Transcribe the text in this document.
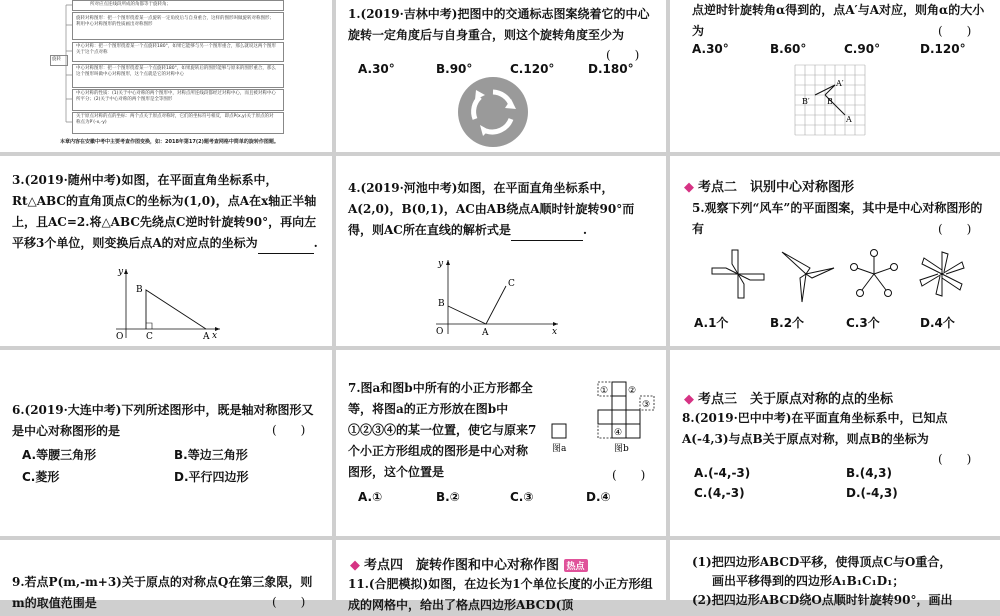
所对应点连线段所成的角都等于旋转角；
旋转对称图形：把一个图形绕着某一点旋转一定角度后与自身重合，这样的图形叫做旋转对称图形；利用中心对称图形的性质画出对称图形
中心对称：把一个图形绕着某一个点旋转180°，如果它能够与另一个图形重合，那么就说这两个图形关于这个点对称
中心对称图形：把一个图形绕着某一个点旋转180°，如果旋转后的图形能够与原来的图形重合，那么这个图形叫做中心对称图形，这个点就是它的对称中心
中心对称的性质：(1)关于中心对称的两个图形中，对称点所连线段都经过对称中心，而且被对称中心所平分；(2)关于中心对称的两个图形是全等图形
关于原点对称的点的坐标：两个点关于原点对称时，它们的坐标符号相反，即点P(x,y)关于原点的对称点为P′(-x,-y)
旋转
本章内容在安徽中考中主要考查作图变换，如：2018年第17(2)题考查网格中简单的旋转作图题。
1.(2019·吉林中考)把图中的交通标志图案绕着它的中心旋转一定角度后与自身重合，则这个旋转角度至少为
(　　)
A.30°	B.90°	C.120°	D.180°
点逆时针旋转角α得到的，点A′与A对应，则角α的大小为	(　　)
A.30°	B.60°	C.90°	D.120°
A′
B′ B
A
3.(2019·随州中考)如图，在平面直角坐标系中，Rt△ABC的直角顶点C的坐标为(1,0)，点A在x轴正半轴上，且AC=2.将△ABC先绕点C逆时针旋转90°，再向左平移3个单位，则变换后点A的对应点的坐标为	.
y
B
O	C	A x
4.(2019·河池中考)如图，在平面直角坐标系中，A(2,0)，B(0,1)，AC由AB绕点A顺时针旋转90°而得，则AC所在直线的解析式是	.
y
C
B
O	A	x
◆ 考点二　识别中心对称图形
5.观察下列“风车”的平面图案，其中是中心对称图形的有	(　　)
A.1个	B.2个	C.3个	D.4个
6.(2019·大连中考)下列所述图形中，既是轴对称图形又是中心对称图形的是	(　　)
A.等腰三角形	B.等边三角形
C.菱形	D.平行四边形
7.图a和图b中所有的小正方形都全等，将图a的正方形放在图b中①②③④的某一位置，使它与原来7个小正方形组成的图形是中心对称图形，这个位置是	(　　)
图a
① ②
③
④
图b
A.①	B.②	C.③	D.④
◆ 考点三　关于原点对称的点的坐标
8.(2019·巴中中考)在平面直角坐标系中，已知点A(-4,3)与点B关于原点对称，则点B的坐标为
(　　)
A.(-4,-3)	B.(4,3)
C.(4,-3)	D.(-4,3)
9.若点P(m,-m+3)关于原点的对称点Q在第三象限，则m的取值范围是	(　　)
◆ 考点四　旋转作图和中心对称作图 热点
11.(合肥模拟)如图，在边长为1个单位长度的小正方形组成的网格中，给出了格点四边形ABCD(顶
(1)把四边形ABCD平移，使得顶点C与O重合，
画出平移得到的四边形A₁B₁C₁D₁；
(2)把四边形ABCD绕O点顺时针旋转90°，画出
